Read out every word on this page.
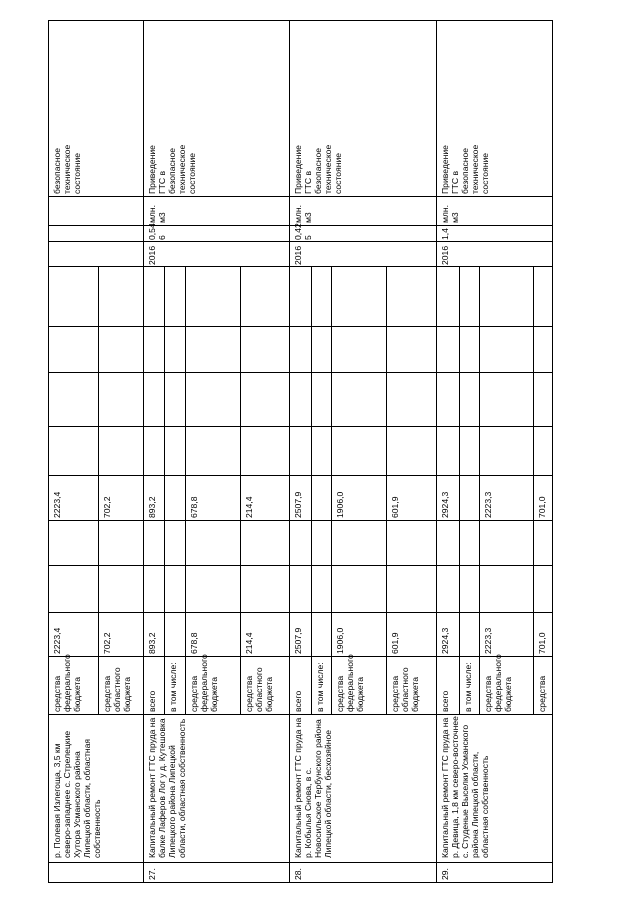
р. Полевая Излегоща, 3,5 км северо-западнее с. Стрелецкие Хутора Усманского района Липецкой области, областная собственность
средства федерального бюджета
2223,4
2223,4
средства областного бюджета
702,2
702,2
безопасное техническое состояние
27.
Капитальный ремонт ГТС пруда на балке Лаферов Лог у д. Кутешовка Липецкого района Липецкой области, областная собственность
всего
893,2
893,2
в том числе: средства федерального бюджета
678,8
678,8
средства областного бюджета
214,4
214,4
2016
0,54 6
млн. м3
Приведение ГТС в безопасное техническое состояние
28.
Капитальный ремонт ГТС пруда на р. Кобылья Снова, в с. Новосильское Тербунского района Липецкой области, бесхозяйное
всего
2507,9
2507,9
в том числе: средства федерального бюджета
1906,0
1906,0
средства областного бюджета
601,9
601,9
2016
0,42 5
млн. м3
Приведение ГТС в безопасное техническое состояние
29.
Капитальный ремонт ГТС пруда на р. Девица, 1,8 км северо-восточнее с. Студеные Выселки Усманского района Липецкой области, областная собственность
всего
2924,3
2924,3
в том числе: средства федерального бюджета
2223,3
2223,3
средства
701,0
701,0
2016
1,4
млн. м3
Приведение ГТС в безопасное техническое состояние
